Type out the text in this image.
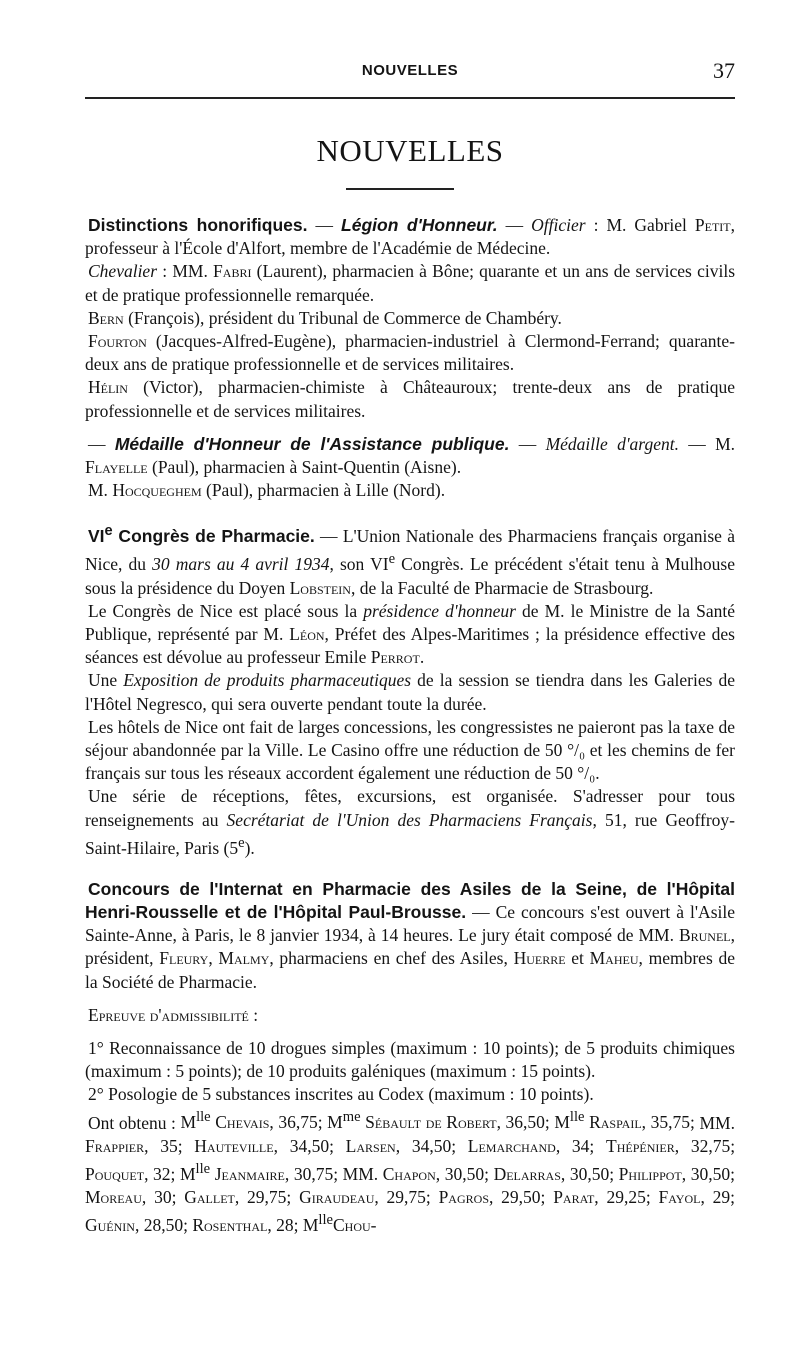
NOUVELLES	37
NOUVELLES

Distinctions honorifiques. — Légion d'Honneur. — Officier : M. Gabriel Petit, professeur à l'École d'Alfort, membre de l'Académie de Médecine.

Chevalier : MM. Fabri (Laurent), pharmacien à Bône; quarante et un ans de services civils et de pratique professionnelle remarquée.

Bern (François), président du Tribunal de Commerce de Chambéry.

Fourton (Jacques-Alfred-Eugène), pharmacien-industriel à Clermond-Ferrand; quarante-deux ans de pratique professionnelle et de services militaires.

Hélin (Victor), pharmacien-chimiste à Châteauroux; trente-deux ans de pratique professionnelle et de services militaires.

— Médaille d'Honneur de l'Assistance publique. — Médaille d'argent. — M. Flayelle (Paul), pharmacien à Saint-Quentin (Aisne).

M. Hocqueghem (Paul), pharmacien à Lille (Nord).

VIe Congrès de Pharmacie. — L'Union Nationale des Pharmaciens français organise à Nice, du 30 mars au 4 avril 1934, son VIe Congrès. Le précédent s'était tenu à Mulhouse sous la présidence du Doyen Lobstein, de la Faculté de Pharmacie de Strasbourg.

Le Congrès de Nice est placé sous la présidence d'honneur de M. le Ministre de la Santé Publique, représenté par M. Léon, Préfet des Alpes-Maritimes ; la présidence effective des séances est dévolue au professeur Emile Perrot.

Une Exposition de produits pharmaceutiques de la session se tiendra dans les Galeries de l'Hôtel Negresco, qui sera ouverte pendant toute la durée.

Les hôtels de Nice ont fait de larges concessions, les congressistes ne paieront pas la taxe de séjour abandonnée par la Ville. Le Casino offre une réduction de 50 °/₀ et les chemins de fer français sur tous les réseaux accordent également une réduction de 50 °/₀.

Une série de réceptions, fêtes, excursions, est organisée. S'adresser pour tous renseignements au Secrétariat de l'Union des Pharmaciens Français, 51, rue Geoffroy-Saint-Hilaire, Paris (5e).

Concours de l'Internat en Pharmacie des Asiles de la Seine, de l'Hôpital Henri-Rousselle et de l'Hôpital Paul-Brousse. — Ce concours s'est ouvert à l'Asile Sainte-Anne, à Paris, le 8 janvier 1934, à 14 heures. Le jury était composé de MM. Brunel, président, Fleury, Malmy, pharmaciens en chef des Asiles, Huerre et Maheu, membres de la Société de Pharmacie.

Epreuve d'admissibilité :

1° Reconnaissance de 10 drogues simples (maximum : 10 points); de 5 produits chimiques (maximum : 5 points); de 10 produits galéniques (maximum : 15 points).

2° Posologie de 5 substances inscrites au Codex (maximum : 10 points).

Ont obtenu : $M^{lle}$ Chevais, 36,75; $M^{me}$ Sébault de Robert, 36,50; $M^{lle}$ Raspail, 35,75; MM. Frappier, 35; Hauteville, 34,50; Larsen, 34,50; Lemarchand, 34; Thépénier, 32,75; Pouquet, 32; $M^{lle}$ Jeanmaire, 30,75; MM. Chapon, 30,50; Delarras, 30,50; Philippot, 30,50; Moreau, 30; Gallet, 29,75; Giraudeau, 29,75; Pagros, 29,50; Parat, 29,25; Fayol, 29; Guénin, 28,50; Rosenthal, 28; $M^{lle}Chou-$
